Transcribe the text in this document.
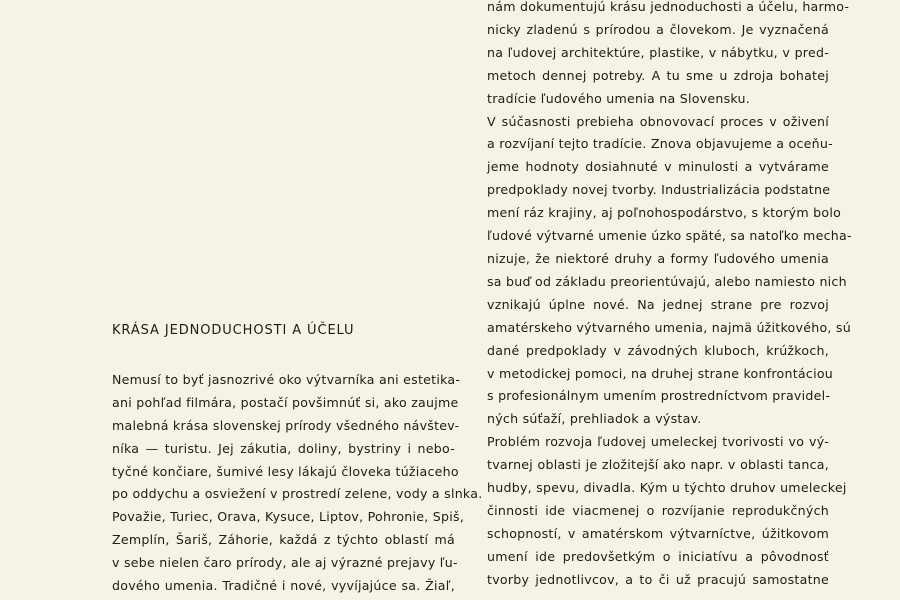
KRÁSA JEDNODUCHOSTI A ÚČELU
Nemusí to byť jasnozrivé oko výtvarníka ani estetika-
ani pohľad filmára, postačí povšimnúť si, ako zaujme
malebná krása slovenskej prírody všedného návštev-
níka — turistu. Jej zákutia, doliny, bystriny i nebo-
tyčné končiare, šumivé lesy lákajú človeka túžiaceho
po oddychu a osviežení v prostredí zelene, vody a slnka.
Považie, Turiec, Orava, Kysuce, Liptov, Pohronie, Spiš,
Zemplín, Šariš, Záhorie, každá z týchto oblastí má
v sebe nielen čaro prírody, ale aj výrazné prejavy ľu-
dového umenia. Tradičné i nové, vyvíjajúce sa. Žiaľ,
nám dokumentujú krásu jednoduchosti a účelu, harmo-
nicky zladenú s prírodou a človekom. Je vyznačená
na ľudovej architektúre, plastike, v nábytku, v pred-
metoch dennej potreby. A tu sme u zdroja bohatej
tradície ľudového umenia na Slovensku.
V súčasnosti prebieha obnovovací proces v oživení
a rozvíjaní tejto tradície. Znova objavujeme a oceňu-
jeme hodnoty dosiahnuté v minulosti a vytvárame
predpoklady novej tvorby. Industrializácia podstatne
mení ráz krajiny, aj poľnohospodárstvo, s ktorým bolo
ľudové výtvarné umenie úzko späté, sa natoľko mecha-
nizuje, že niektoré druhy a formy ľudového umenia
sa buď od základu preorientúvajú, alebo namiesto nich
vznikajú úplne nové. Na jednej strane pre rozvoj
amatérskeho výtvarného umenia, najmä úžitkového, sú
dané predpoklady v závodných kluboch, krúžkoch,
v metodickej pomoci, na druhej strane konfrontáciou
s profesionálnym umením prostredníctvom pravidel-
ných súťaží, prehliadok a výstav.
Problém rozvoja ľudovej umeleckej tvorivosti vo vý-
tvarnej oblasti je zložitejší ako napr. v oblasti tanca,
hudby, spevu, divadla. Kým u týchto druhov umeleckej
činnosti ide viacmenej o rozvíjanie reprodukčných
schopností, v amatérskom výtvarníctve, úžitkovom
umení ide predovšetkým o iniciatívu a pôvodnosť
tvorby jednotlivcov, a to či už pracujú samostatne
